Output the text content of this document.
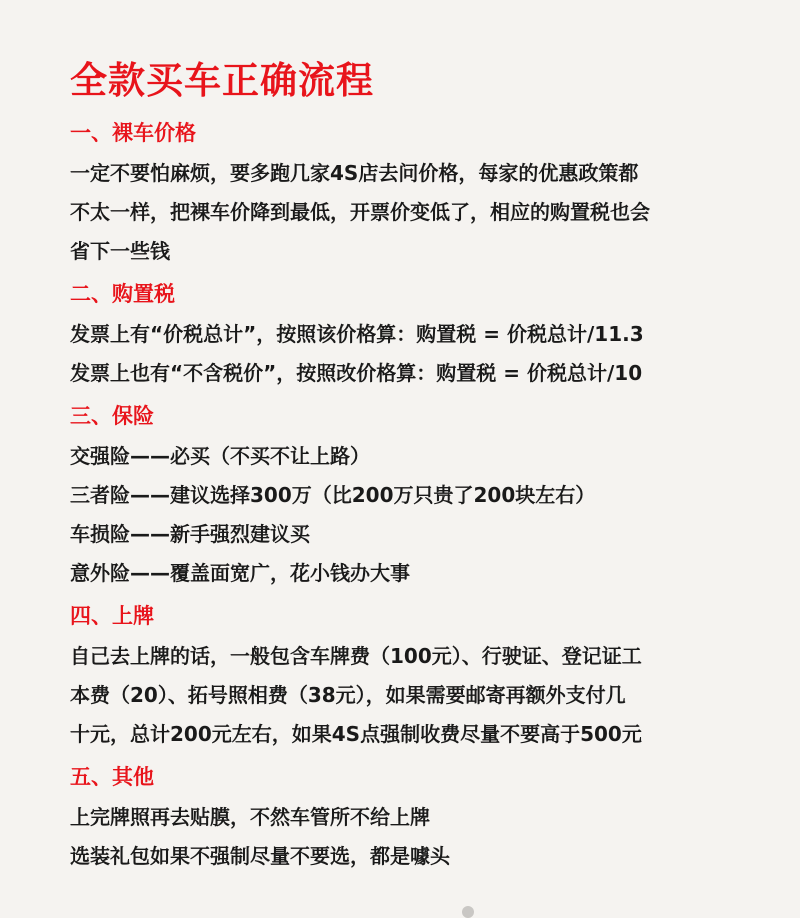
全款买车正确流程
一、裸车价格
一定不要怕麻烦，要多跑几家4S店去问价格，每家的优惠政策都
不太一样，把裸车价降到最低，开票价变低了，相应的购置税也会
省下一些钱
二、购置税
发票上有“价税总计”，按照该价格算：购置税 = 价税总计/11.3
发票上也有“不含税价”，按照改价格算：购置税 = 价税总计/10
三、保险
交强险——必买（不买不让上路）
三者险——建议选择300万（比200万只贵了200块左右）
车损险——新手强烈建议买
意外险——覆盖面宽广，花小钱办大事
四、上牌
自己去上牌的话，一般包含车牌费（100元）、行驶证、登记证工
本费（20）、拓号照相费（38元），如果需要邮寄再额外支付几
十元，总计200元左右，如果4S点强制收费尽量不要高于500元
五、其他
上完牌照再去贴膜，不然车管所不给上牌
选装礼包如果不强制尽量不要选，都是噱头
